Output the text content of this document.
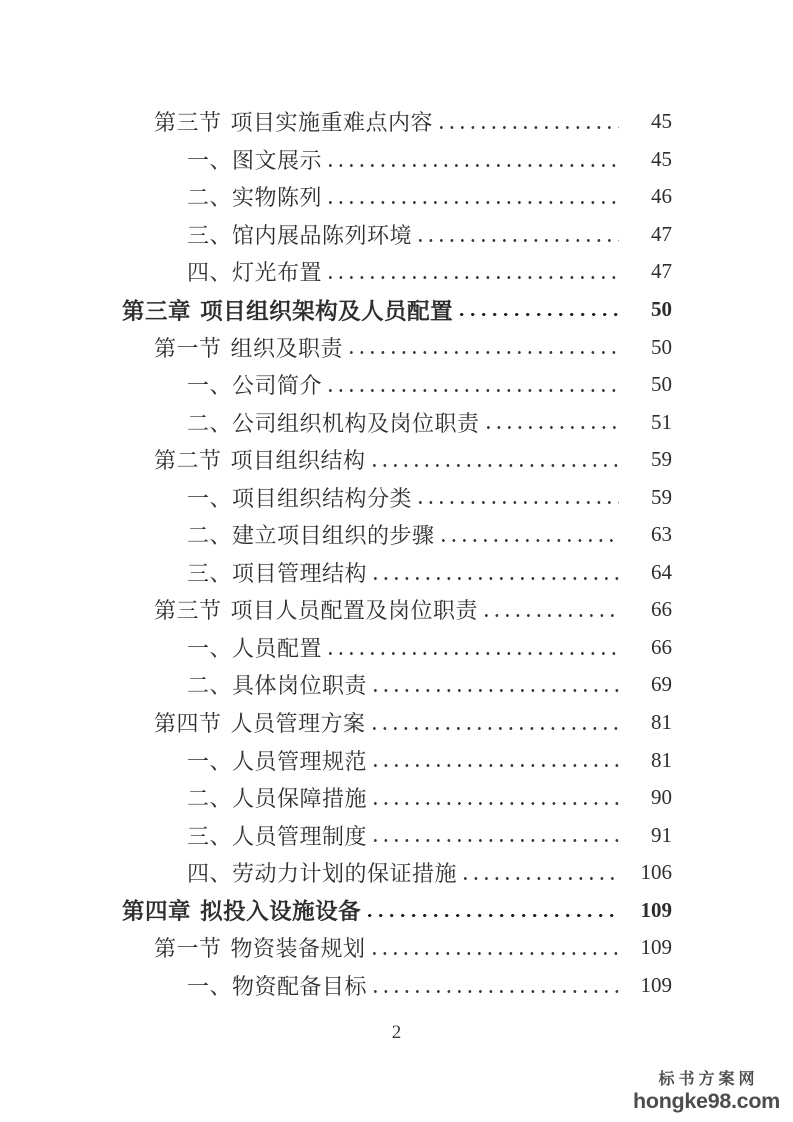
第三节 项目实施重难点内容	45
一、图文展示	45
二、实物陈列	46
三、馆内展品陈列环境	47
四、灯光布置	47
第三章 项目组织架构及人员配置	50
第一节 组织及职责	50
一、公司简介	50
二、公司组织机构及岗位职责	51
第二节 项目组织结构	59
一、项目组织结构分类	59
二、建立项目组织的步骤	63
三、项目管理结构	64
第三节 项目人员配置及岗位职责	66
一、人员配置	66
二、具体岗位职责	69
第四节 人员管理方案	81
一、人员管理规范	81
二、人员保障措施	90
三、人员管理制度	91
四、劳动力计划的保证措施	106
第四章 拟投入设施设备	109
第一节 物资装备规划	109
一、物资配备目标	109
2
标书方案网
hongke98.com
